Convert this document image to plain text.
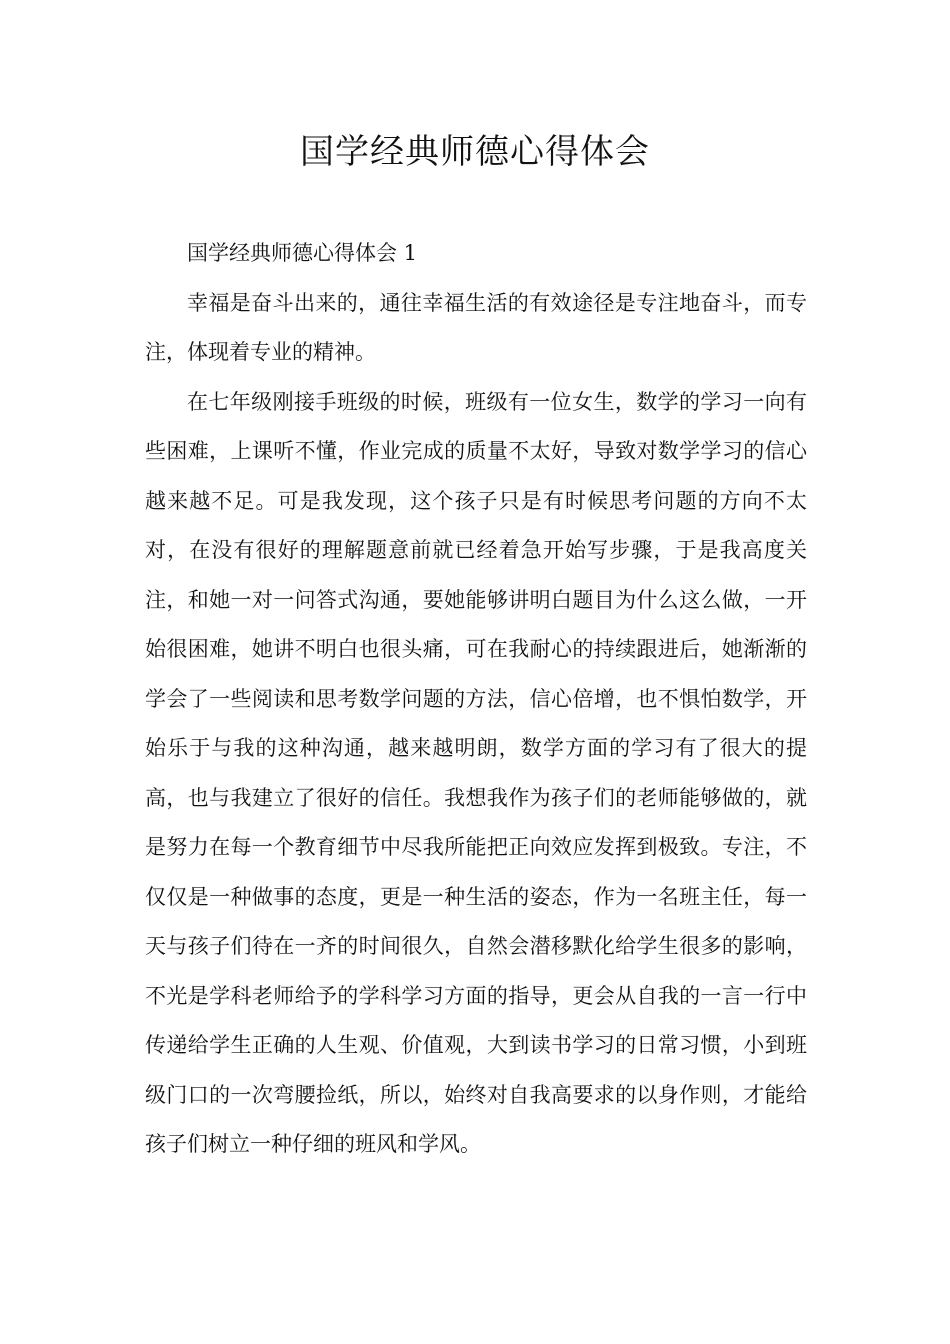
国学经典师德心得体会

国学经典师德心得体会 1

幸福是奋斗出来的，通往幸福生活的有效途径是专注地奋斗，而专注，体现着专业的精神。

在七年级刚接手班级的时候，班级有一位女生，数学的学习一向有些困难，上课听不懂，作业完成的质量不太好，导致对数学学习的信心越来越不足。可是我发现，这个孩子只是有时候思考问题的方向不太对，在没有很好的理解题意前就已经着急开始写步骤，于是我高度关注，和她一对一问答式沟通，要她能够讲明白题目为什么这么做，一开始很困难，她讲不明白也很头痛，可在我耐心的持续跟进后，她渐渐的学会了一些阅读和思考数学问题的方法，信心倍增，也不惧怕数学，开始乐于与我的这种沟通，越来越明朗，数学方面的学习有了很大的提高，也与我建立了很好的信任。我想我作为孩子们的老师能够做的，就是努力在每一个教育细节中尽我所能把正向效应发挥到极致。专注，不仅仅是一种做事的态度，更是一种生活的姿态，作为一名班主任，每一天与孩子们待在一齐的时间很久，自然会潜移默化给学生很多的影响，不光是学科老师给予的学科学习方面的指导，更会从自我的一言一行中传递给学生正确的人生观、价值观，大到读书学习的日常习惯，小到班级门口的一次弯腰捡纸，所以，始终对自我高要求的以身作则，才能给孩子们树立一种仔细的班风和学风。
